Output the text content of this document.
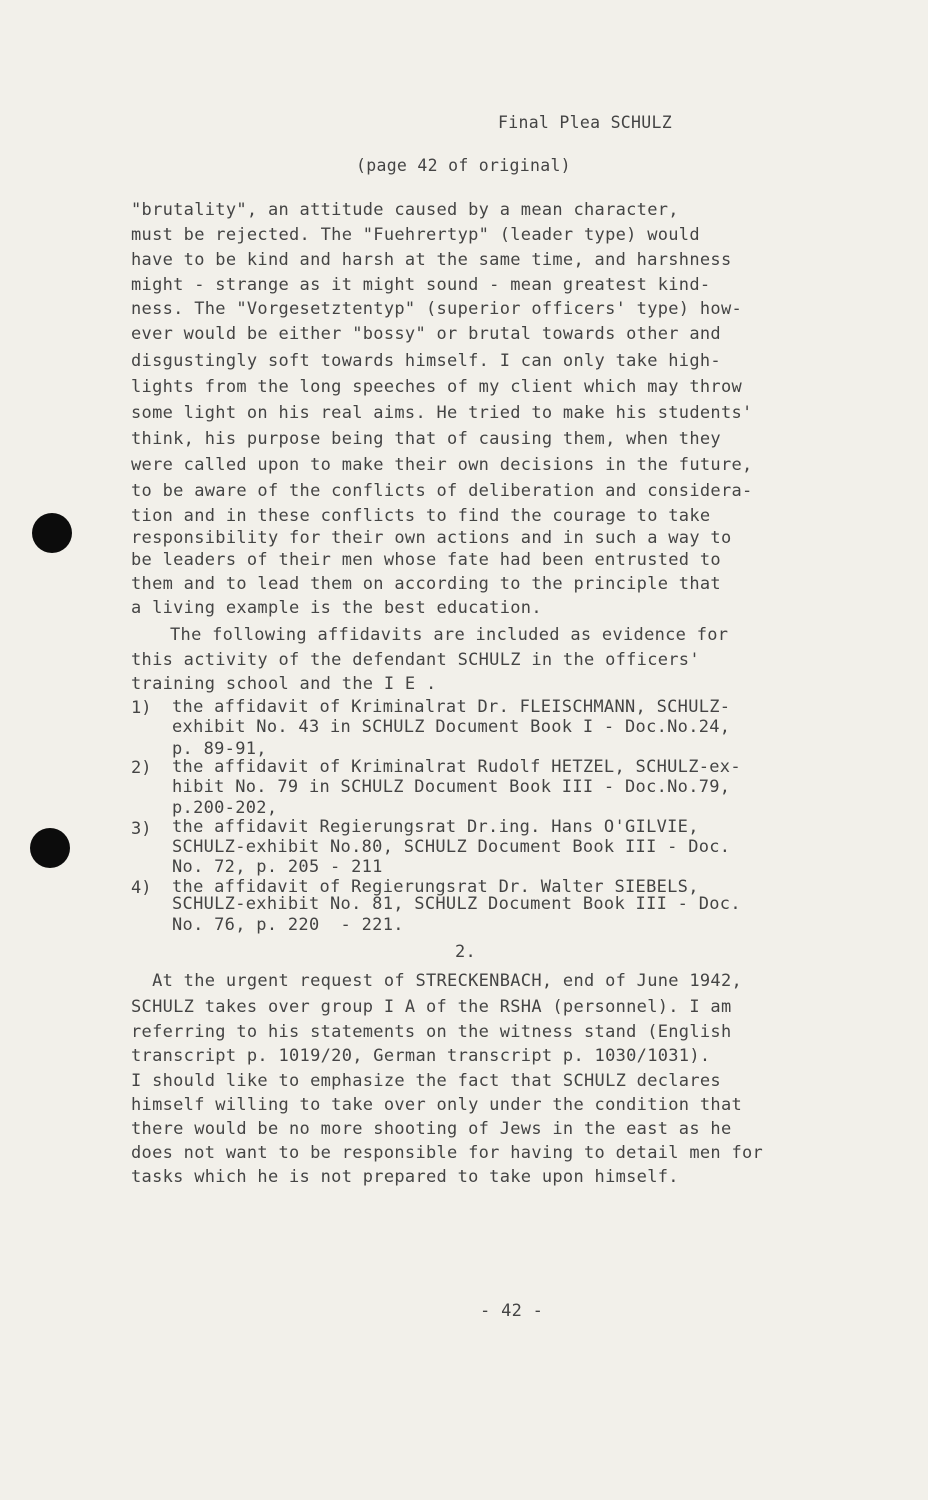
Final Plea SCHULZ
(page 42 of original)
"brutality", an attitude caused by a mean character,
must be rejected. The "Fuehrertyp" (leader type) would
have to be kind and harsh at the same time, and harshness
might - strange as it might sound - mean greatest kind-
ness. The "Vorgesetztentyp" (superior officers' type) how-
ever would be either "bossy" or brutal towards other and
disgustingly soft towards himself. I can only take high-
lights from the long speeches of my client which may throw
some light on his real aims. He tried to make his students'
think, his purpose being that of causing them, when they
were called upon to make their own decisions in the future,
to be aware of the conflicts of deliberation and considera-
tion and in these conflicts to find the courage to take
responsibility for their own actions and in such a way to
be leaders of their men whose fate had been entrusted to
them and to lead them on according to the principle that
a living example is the best education.
The following affidavits are included as evidence for
this activity of the defendant SCHULZ in the officers'
training school and the I E .
1) the affidavit of Kriminalrat Dr. FLEISCHMANN, SCHULZ-
exhibit No. 43 in SCHULZ Document Book I - Doc.No.24,
p. 89-91,
2) the affidavit of Kriminalrat Rudolf HETZEL, SCHULZ-ex-
hibit No. 79 in SCHULZ Document Book III - Doc.No.79,
p.200-202,
3) the affidavit Regierungsrat Dr.ing. Hans O'GILVIE,
SCHULZ-exhibit No.80, SCHULZ Document Book III - Doc.
No. 72, p. 205 - 211
4) the affidavit of Regierungsrat Dr. Walter SIEBELS,
SCHULZ-exhibit No. 81, SCHULZ Document Book III - Doc.
No. 76, p. 220  - 221.
2.
At the urgent request of STRECKENBACH, end of June 1942,
SCHULZ takes over group I A of the RSHA (personnel). I am
referring to his statements on the witness stand (English
transcript p. 1019/20, German transcript p. 1030/1031).
I should like to emphasize the fact that SCHULZ declares
himself willing to take over only under the condition that
there would be no more shooting of Jews in the east as he
does not want to be responsible for having to detail men for
tasks which he is not prepared to take upon himself.
- 42 -
